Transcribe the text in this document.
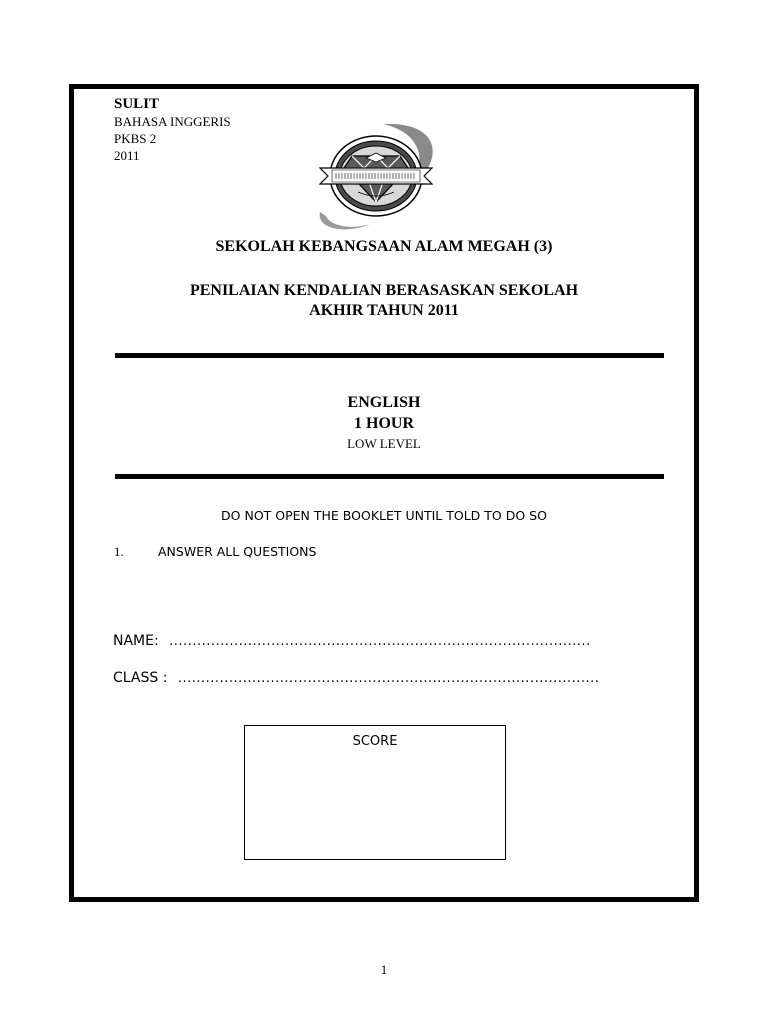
SULIT
BAHASA INGGERIS
PKBS 2
2011
SEKOLAH KEBANGSAAN ALAM MEGAH (3)
PENILAIAN KENDALIAN BERASASKAN SEKOLAH
AKHIR TAHUN 2011
ENGLISH
1 HOUR
LOW LEVEL
DO NOT OPEN THE BOOKLET UNTIL TOLD TO DO SO
1.	ANSWER ALL QUESTIONS
NAME: ...........................................................................................
CLASS : ...........................................................................................
SCORE
1
